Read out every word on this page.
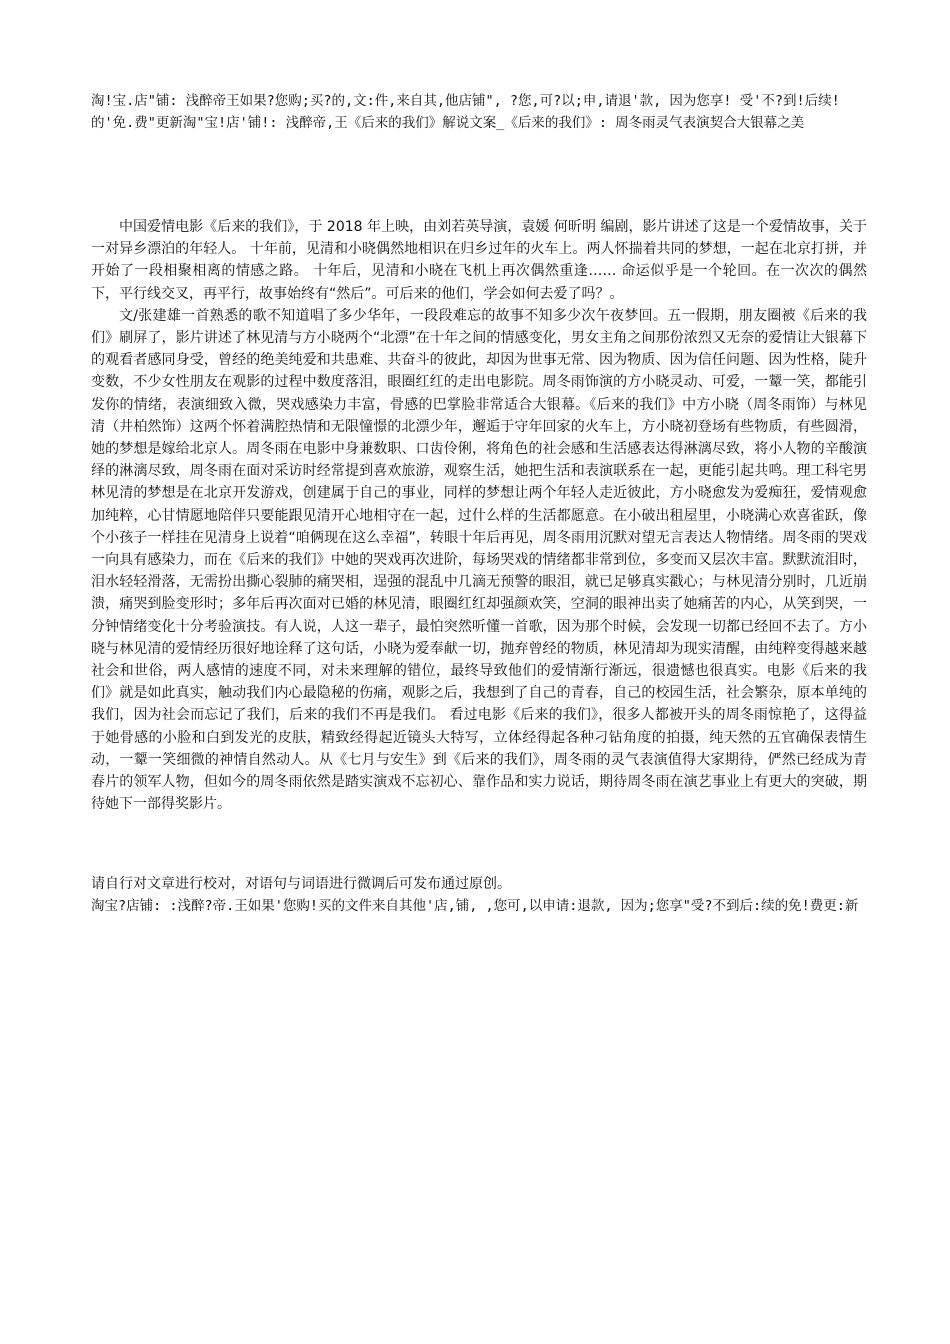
淘!宝.店"铺: 浅醉帝王如果?您购;买?的,文:件,来自其,他店铺", ?您,可?以;申,请退'款, 因为您享! 受'不?到!后续!的'免.费"更新淘"宝!店'铺!: 浅醉帝,王《后来的我们》解说文案_《后来的我们》: 周冬雨灵气表演契合大银幕之美

中国爱情电影《后来的我们》，于 2018 年上映，由刘若英导演，袁媛 何昕明 编剧，影片讲述了这是一个爱情故事，关于一对异乡漂泊的年轻人。 十年前，见清和小晓偶然地相识在归乡过年的火车上。两人怀揣着共同的梦想，一起在北京打拼，并开始了一段相聚相离的情感之路。 十年后，见清和小晓在飞机上再次偶然重逢…… 命运似乎是一个轮回。在一次次的偶然下，平行线交叉，再平行，故事始终有“然后”。可后来的他们，学会如何去爱了吗？。

文/张建雄一首熟悉的歌不知道唱了多少华年，一段段难忘的故事不知多少次午夜梦回。五一假期，朋友圈被《后来的我们》刷屏了，影片讲述了林见清与方小晓两个“北漂”在十年之间的情感变化，男女主角之间那份浓烈又无奈的爱情让大银幕下的观看者感同身受，曾经的绝美纯爱和共患难、共奋斗的彼此，却因为世事无常、因为物质、因为信任问题、因为性格，陡升变数，不少女性朋友在观影的过程中数度落泪，眼圈红红的走出电影院。周冬雨饰演的方小晓灵动、可爱，一颦一笑，都能引发你的情绪，表演细致入微，哭戏感染力丰富，骨感的巴掌脸非常适合大银幕。《后来的我们》中方小晓（周冬雨饰）与林见清（井柏然饰）这两个怀着满腔热情和无限憧憬的北漂少年，邂逅于守年回家的火车上，方小晓初登场有些物质，有些圆滑，她的梦想是嫁给北京人。周冬雨在电影中身兼数职、口齿伶俐，将角色的社会感和生活感表达得淋漓尽致，将小人物的辛酸演绎的淋漓尽致，周冬雨在面对采访时经常提到喜欢旅游，观察生活，她把生活和表演联系在一起，更能引起共鸣。理工科宅男林见清的梦想是在北京开发游戏，创建属于自己的事业，同样的梦想让两个年轻人走近彼此，方小晓愈发为爱痴狂，爱情观愈加纯粹，心甘情愿地陪伴只要能跟见清开心地相守在一起，过什么样的生活都愿意。在小破出租屋里，小晓满心欢喜雀跃，像个小孩子一样挂在见清身上说着“咱俩现在这么幸福”，转眼十年后再见，周冬雨用沉默对望无言表达人物情绪。周冬雨的哭戏一向具有感染力，而在《后来的我们》中她的哭戏再次进阶，每场哭戏的情绪都非常到位，多变而又层次丰富。默默流泪时，泪水轻轻滑落，无需扮出撕心裂肺的痛哭相，逞强的混乱中几滴无预警的眼泪，就已足够真实戳心；与林见清分别时，几近崩溃，痛哭到脸变形时；多年后再次面对已婚的林见清，眼圈红红却强颜欢笑，空洞的眼神出卖了她痛苦的内心，从笑到哭，一分钟情绪变化十分考验演技。有人说，人这一辈子，最怕突然听懂一首歌，因为那个时候，会发现一切都已经回不去了。方小晓与林见清的爱情经历很好地诠释了这句话，小晓为爱奉献一切，抛弃曾经的物质，林见清却为现实清醒，由纯粹变得越来越社会和世俗，两人感情的速度不同，对未来理解的错位，最终导致他们的爱情渐行渐远，很遗憾也很真实。电影《后来的我们》就是如此真实，触动我们内心最隐秘的伤痛，观影之后，我想到了自己的青春，自己的校园生活，社会繁杂，原本单纯的我们，因为社会而忘记了我们，后来的我们不再是我们。 看过电影《后来的我们》，很多人都被开头的周冬雨惊艳了，这得益于她骨感的小脸和白到发光的皮肤，精致经得起近镜头大特写，立体经得起各种刁钻角度的拍摄，纯天然的五官确保表情生动，一颦一笑细微的神情自然动人。从《七月与安生》到《后来的我们》，周冬雨的灵气表演值得大家期待，俨然已经成为青春片的领军人物，但如今的周冬雨依然是踏实演戏不忘初心、靠作品和实力说话，期待周冬雨在演艺事业上有更大的突破，期待她下一部得奖影片。

请自行对文章进行校对，对语句与词语进行微调后可发布通过原创。

淘宝?店铺: :浅醉?帝.王如果'您购!买的文件来自其他'店,铺, ,您可,以申请:退款, 因为;您享"受?不到后:续的免!费更:新
